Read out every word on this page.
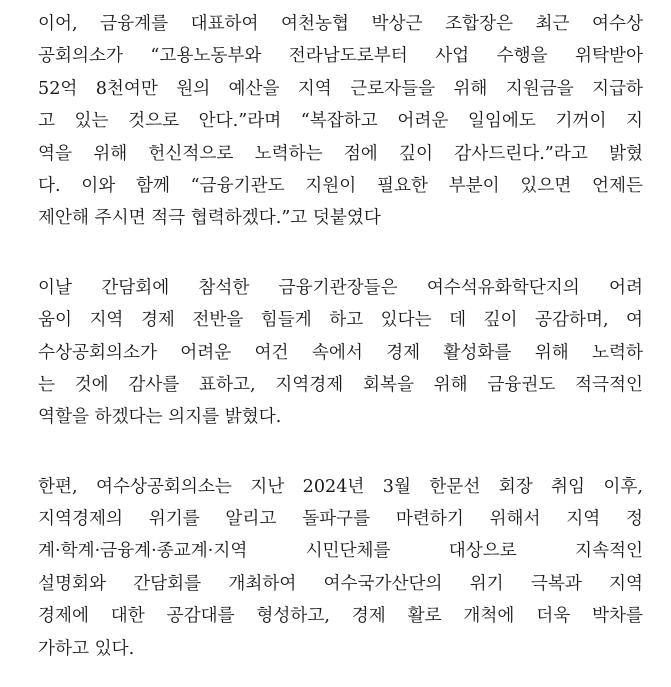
이어, 금융계를 대표하여 여천농협 박상근 조합장은 최근 여수상
공회의소가 “고용노동부와 전라남도로부터 사업 수행을 위탁받아
52억 8천여만 원의 예산을 지역 근로자들을 위해 지원금을 지급하
고 있는 것으로 안다.”라며 “복잡하고 어려운 일임에도 기꺼이 지
역을 위해 헌신적으로 노력하는 점에 깊이 감사드린다.”라고 밝혔
다. 이와 함께 “금융기관도 지원이 필요한 부분이 있으면 언제든
제안해 주시면 적극 협력하겠다.”고 덧붙였다
이날 간담회에 참석한 금융기관장들은 여수석유화학단지의 어려
움이 지역 경제 전반을 힘들게 하고 있다는 데 깊이 공감하며, 여
수상공회의소가 어려운 여건 속에서 경제 활성화를 위해 노력하
는 것에 감사를 표하고, 지역경제 회복을 위해 금융권도 적극적인
역할을 하겠다는 의지를 밝혔다.
한편, 여수상공회의소는 지난 2024년 3월 한문선 회장 취임 이후,
지역경제의 위기를 알리고 돌파구를 마련하기 위해서 지역 정
계·학계·금융계·종교계·지역 시민단체를 대상으로 지속적인
설명회와 간담회를 개최하여 여수국가산단의 위기 극복과 지역
경제에 대한 공감대를 형성하고, 경제 활로 개척에 더욱 박차를
가하고 있다.
